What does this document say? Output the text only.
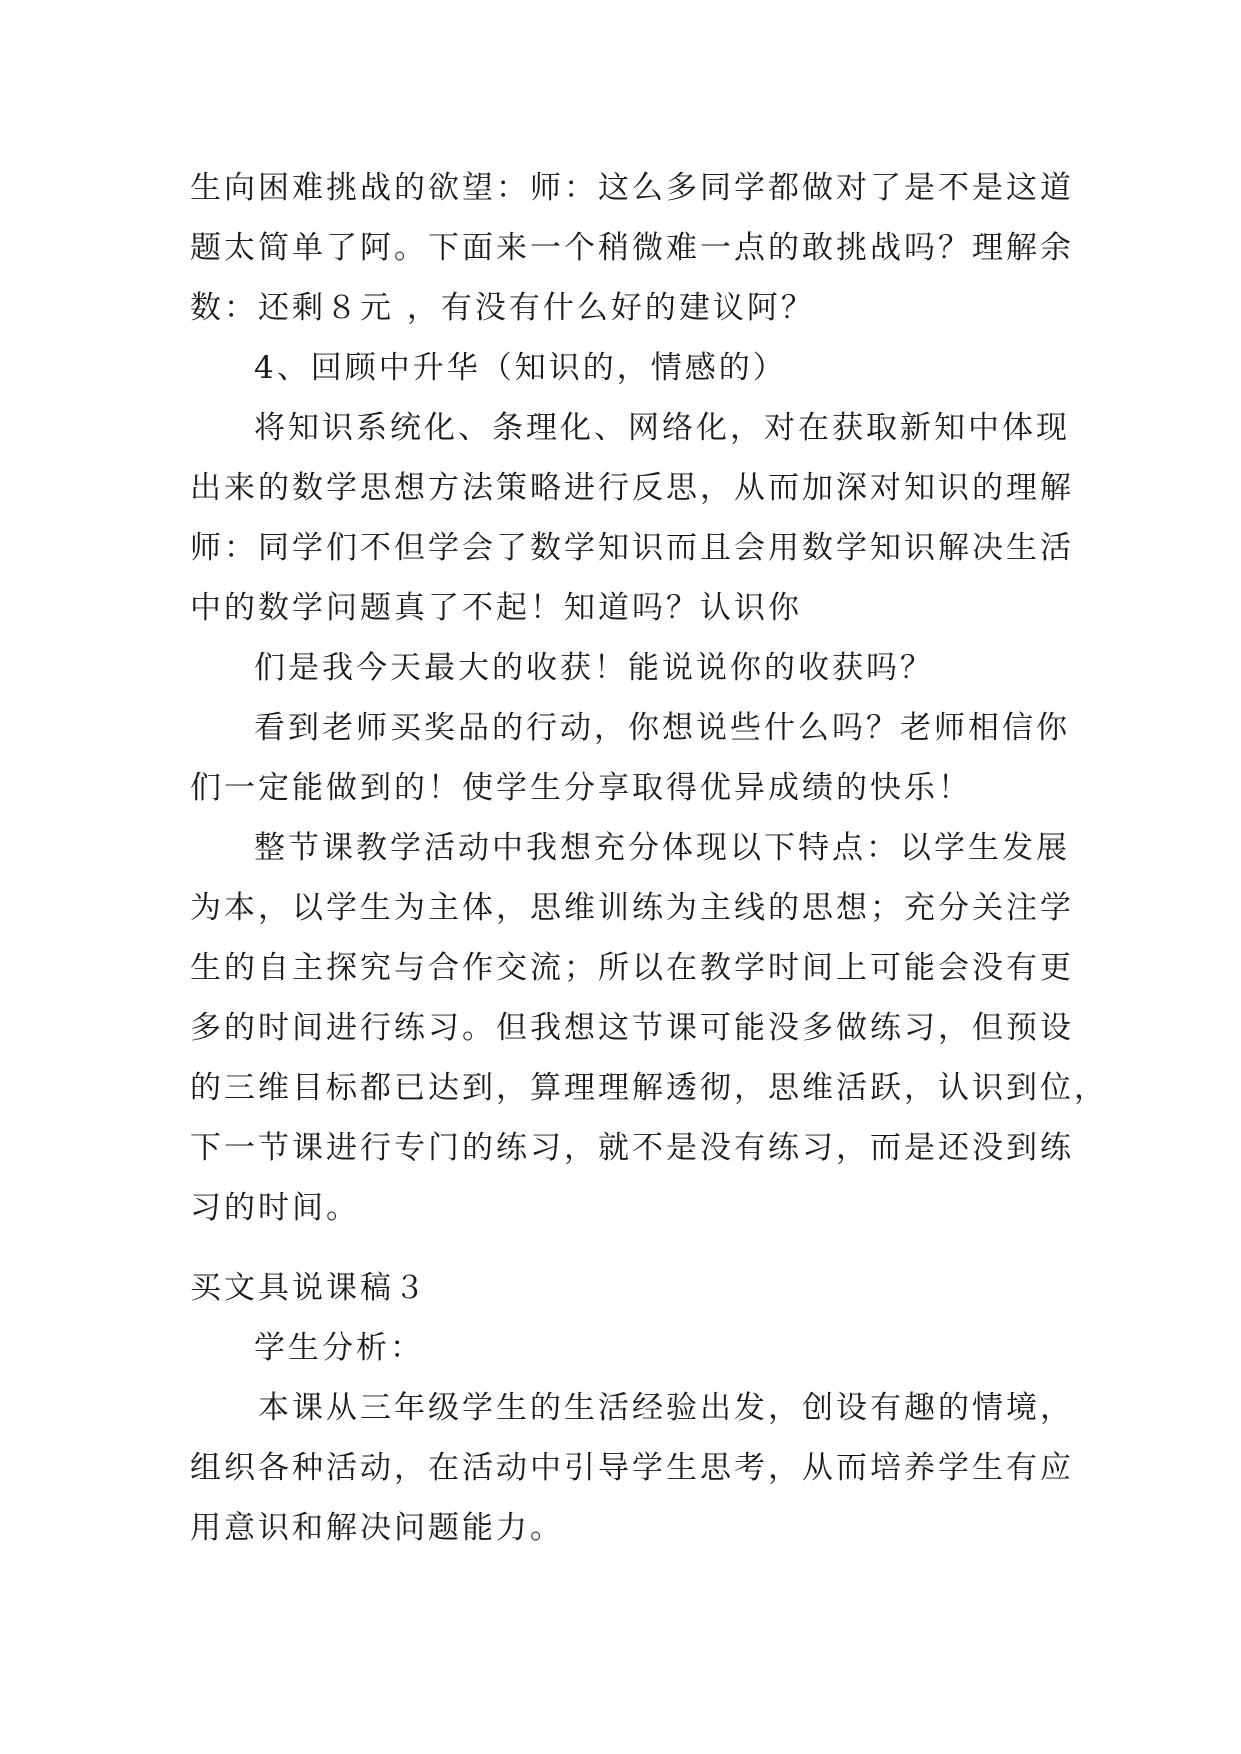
生向困难挑战的欲望：师：这么多同学都做对了是不是这道
题太简单了阿。下面来一个稍微难一点的敢挑战吗？理解余
数：还剩８元 ，有没有什么好的建议阿？
4、回顾中升华（知识的，情感的）
将知识系统化、条理化、网络化，对在获取新知中体现
出来的数学思想方法策略进行反思，从而加深对知识的理解
师：同学们不但学会了数学知识而且会用数学知识解决生活
中的数学问题真了不起！知道吗？认识你
们是我今天最大的收获！能说说你的收获吗？
看到老师买奖品的行动，你想说些什么吗？老师相信你
们一定能做到的！使学生分享取得优异成绩的快乐！
整节课教学活动中我想充分体现以下特点：以学生发展
为本，以学生为主体，思维训练为主线的思想；充分关注学
生的自主探究与合作交流；所以在教学时间上可能会没有更
多的时间进行练习。但我想这节课可能没多做练习，但预设
的三维目标都已达到，算理理解透彻，思维活跃，认识到位，
下一节课进行专门的练习，就不是没有练习，而是还没到练
习的时间。
买文具说课稿３
学生分析：
本课从三年级学生的生活经验出发，创设有趣的情境，
组织各种活动，在活动中引导学生思考，从而培养学生有应
用意识和解决问题能力。
